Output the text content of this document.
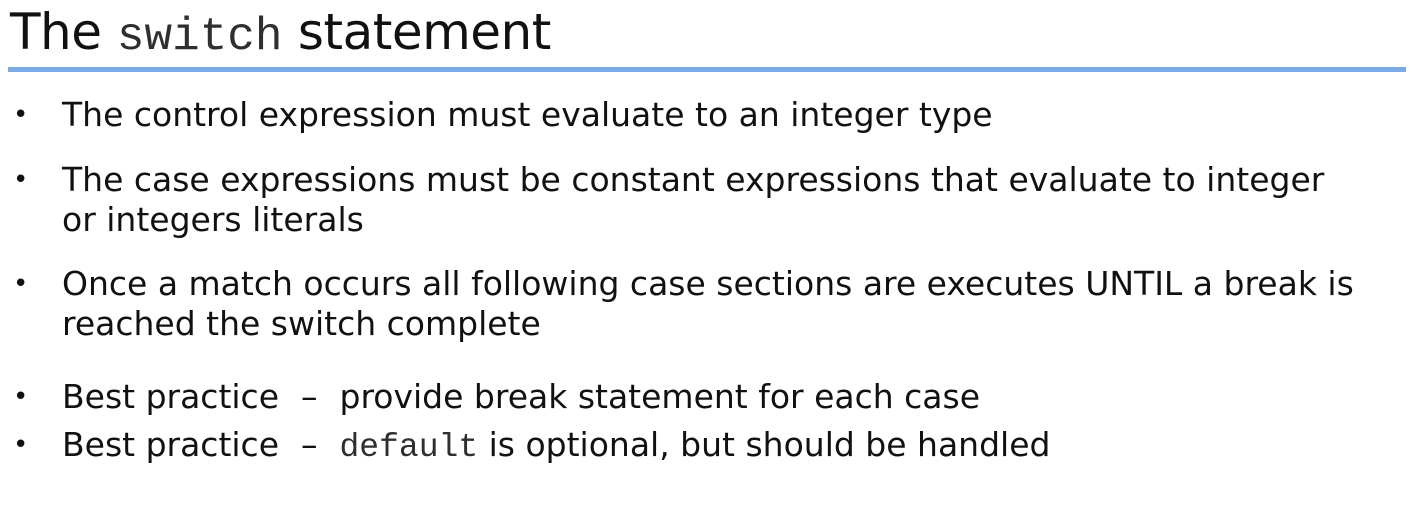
The switch statement
• The control expression must evaluate to an integer type
• The case expressions must be constant expressions that evaluate to integer
or integers literals
• Once a match occurs all following case sections are executes UNTIL a break is
reached the switch complete
• Best practice – provide break statement for each case
• Best practice – default is optional, but should be handled
